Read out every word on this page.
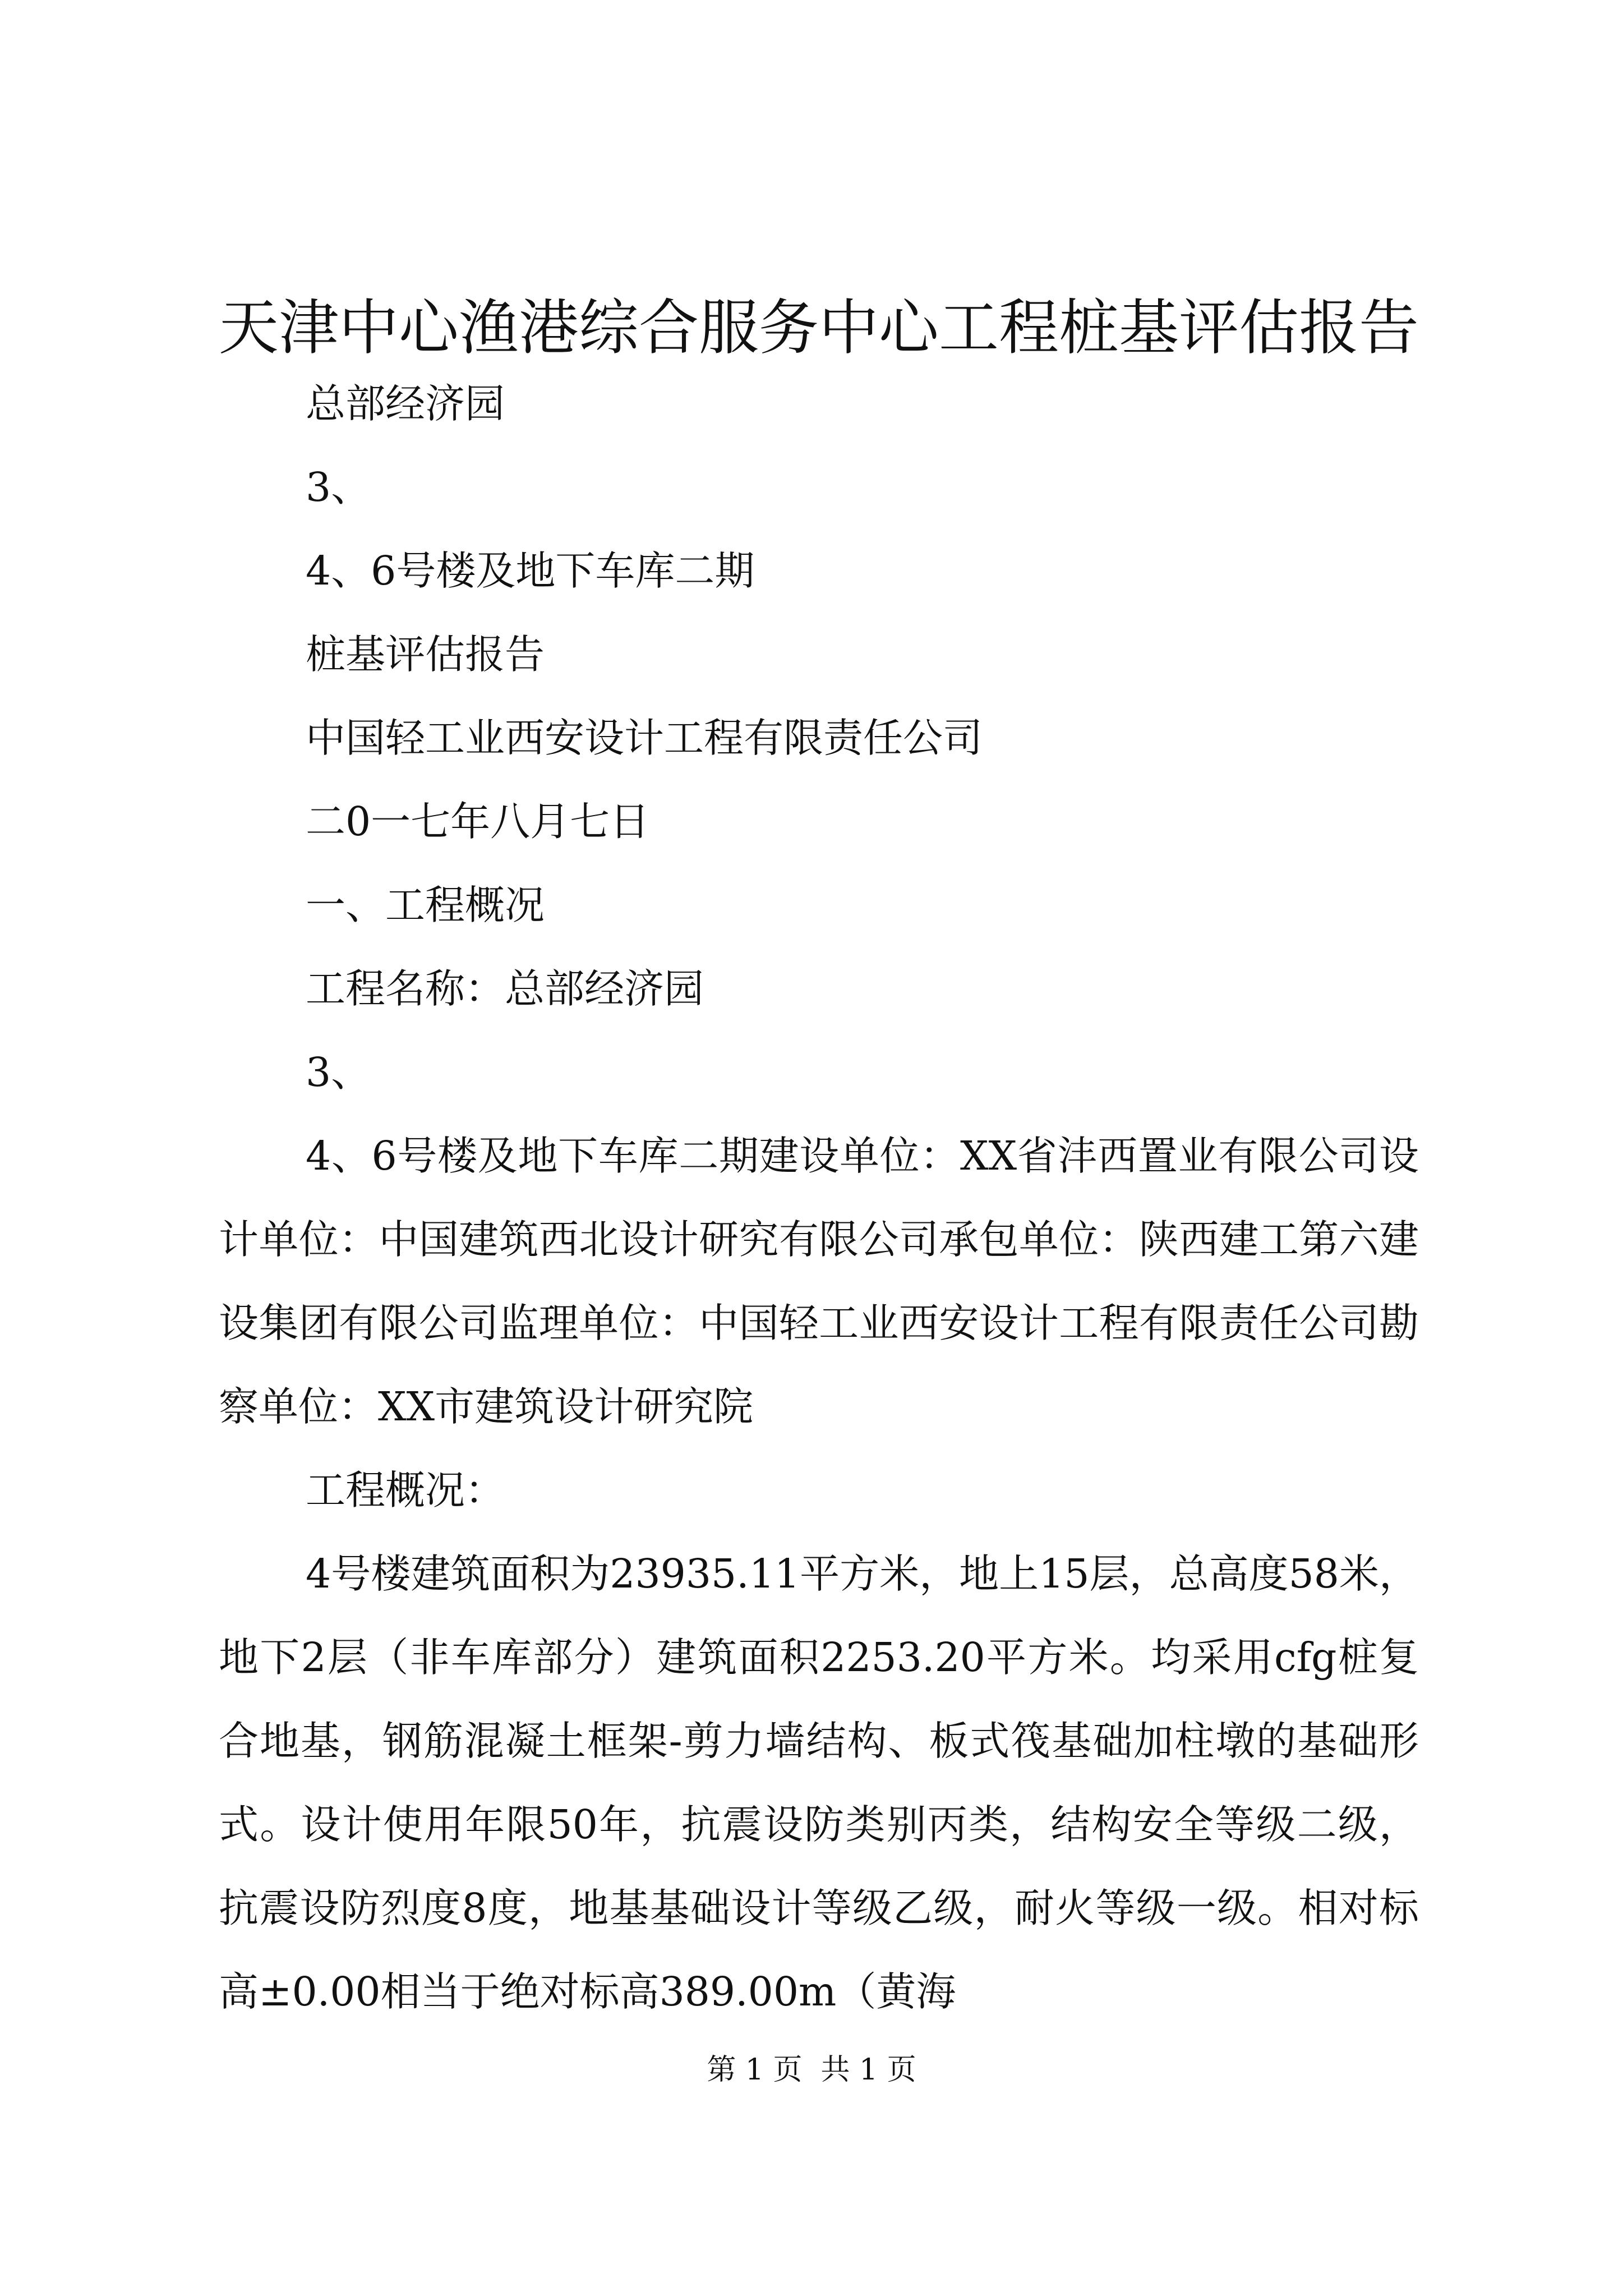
天津中心渔港综合服务中心工程桩基评估报告

总部经济园

3、

4、6号楼及地下车库二期

桩基评估报告

中国轻工业西安设计工程有限责任公司

二0一七年八月七日

一、工程概况

工程名称：总部经济园

3、

4、6号楼及地下车库二期建设单位：XX省沣西置业有限公司设计单位：中国建筑西北设计研究有限公司承包单位：陕西建工第六建设集团有限公司监理单位：中国轻工业西安设计工程有限责任公司勘察单位：XX市建筑设计研究院

工程概况：

4号楼建筑面积为23935.11平方米，地上15层，总高度58米，地下2层（非车库部分）建筑面积2253.20平方米。均采用cfg桩复合地基，钢筋混凝土框架-剪力墙结构、板式筏基础加柱墩的基础形式。设计使用年限50年，抗震设防类别丙类，结构安全等级二级，抗震设防烈度8度，地基基础设计等级乙级，耐火等级一级。相对标高±0.00相当于绝对标高389.00m（黄海

第 1 页  共 1 页
